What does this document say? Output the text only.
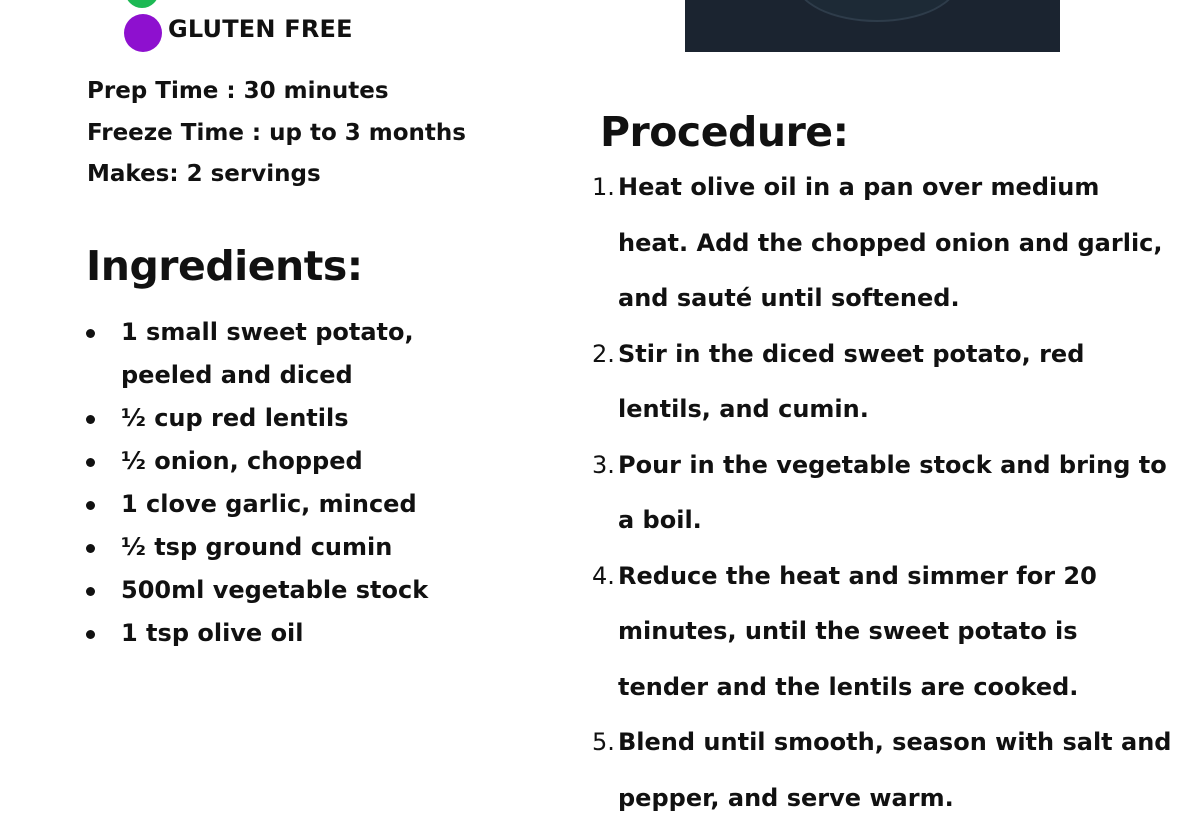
GLUTEN FREE
Prep Time : 30 minutes
Freeze Time : up to 3 months
Makes: 2 servings
Ingredients:
1 small sweet potato, peeled and diced
½ cup red lentils
½ onion, chopped
1 clove garlic, minced
½ tsp ground cumin
500ml vegetable stock
1 tsp olive oil
Procedure:
1. Heat olive oil in a pan over medium heat. Add the chopped onion and garlic, and sauté until softened.
2. Stir in the diced sweet potato, red lentils, and cumin.
3. Pour in the vegetable stock and bring to a boil.
4. Reduce the heat and simmer for 20 minutes, until the sweet potato is tender and the lentils are cooked.
5. Blend until smooth, season with salt and pepper, and serve warm.
